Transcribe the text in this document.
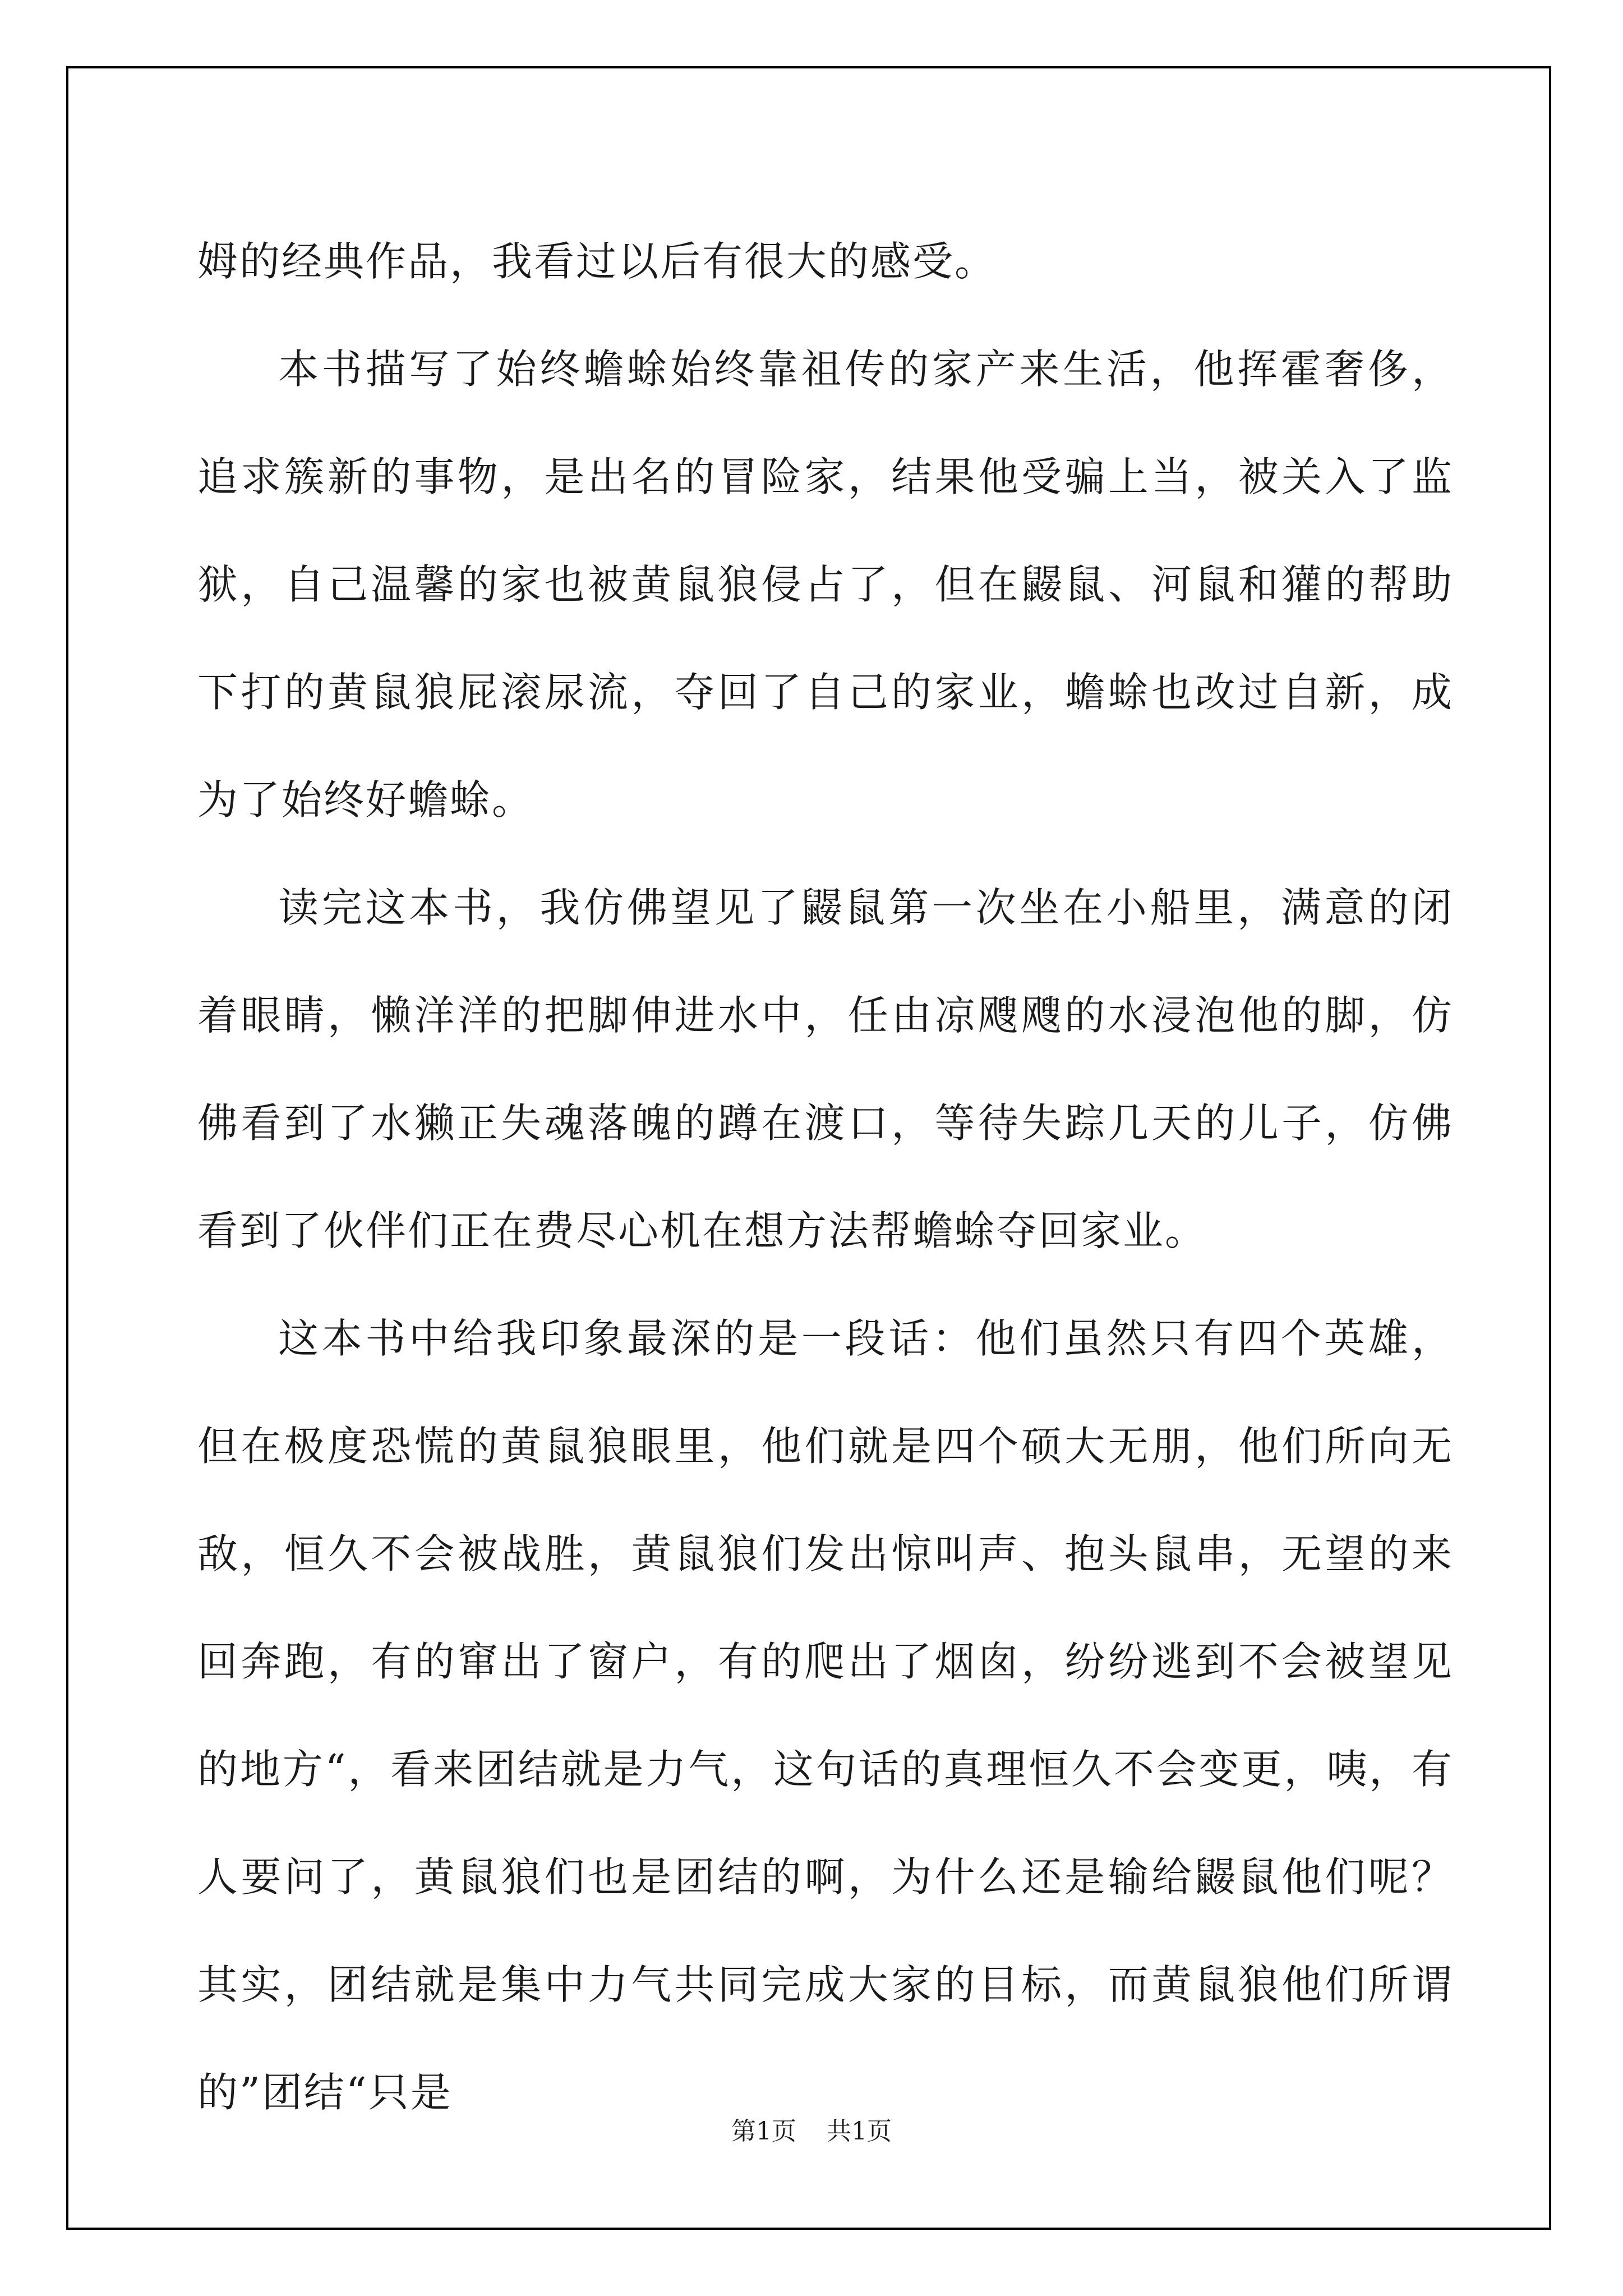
姆的经典作品，我看过以后有很大的感受。

本书描写了始终蟾蜍始终靠祖传的家产来生活，他挥霍奢侈，追求簇新的事物，是出名的冒险家，结果他受骗上当，被关入了监狱，自己温馨的家也被黄鼠狼侵占了，但在鼹鼠、河鼠和獾的帮助下打的黄鼠狼屁滚尿流，夺回了自己的家业，蟾蜍也改过自新，成为了始终好蟾蜍。

读完这本书，我仿佛望见了鼹鼠第一次坐在小船里，满意的闭着眼睛，懒洋洋的把脚伸进水中，任由凉飕飕的水浸泡他的脚，仿佛看到了水獭正失魂落魄的蹲在渡口，等待失踪几天的儿子，仿佛看到了伙伴们正在费尽心机在想方法帮蟾蜍夺回家业。

这本书中给我印象最深的是一段话：他们虽然只有四个英雄，但在极度恐慌的黄鼠狼眼里，他们就是四个硕大无朋，他们所向无敌，恒久不会被战胜，黄鼠狼们发出惊叫声、抱头鼠串，无望的来回奔跑，有的窜出了窗户，有的爬出了烟囱，纷纷逃到不会被望见的地方“，看来团结就是力气，这句话的真理恒久不会变更，咦，有人要问了，黄鼠狼们也是团结的啊，为什么还是输给鼹鼠他们呢？其实，团结就是集中力气共同完成大家的目标，而黄鼠狼他们所谓的”团结“只是

第1页 共1页
